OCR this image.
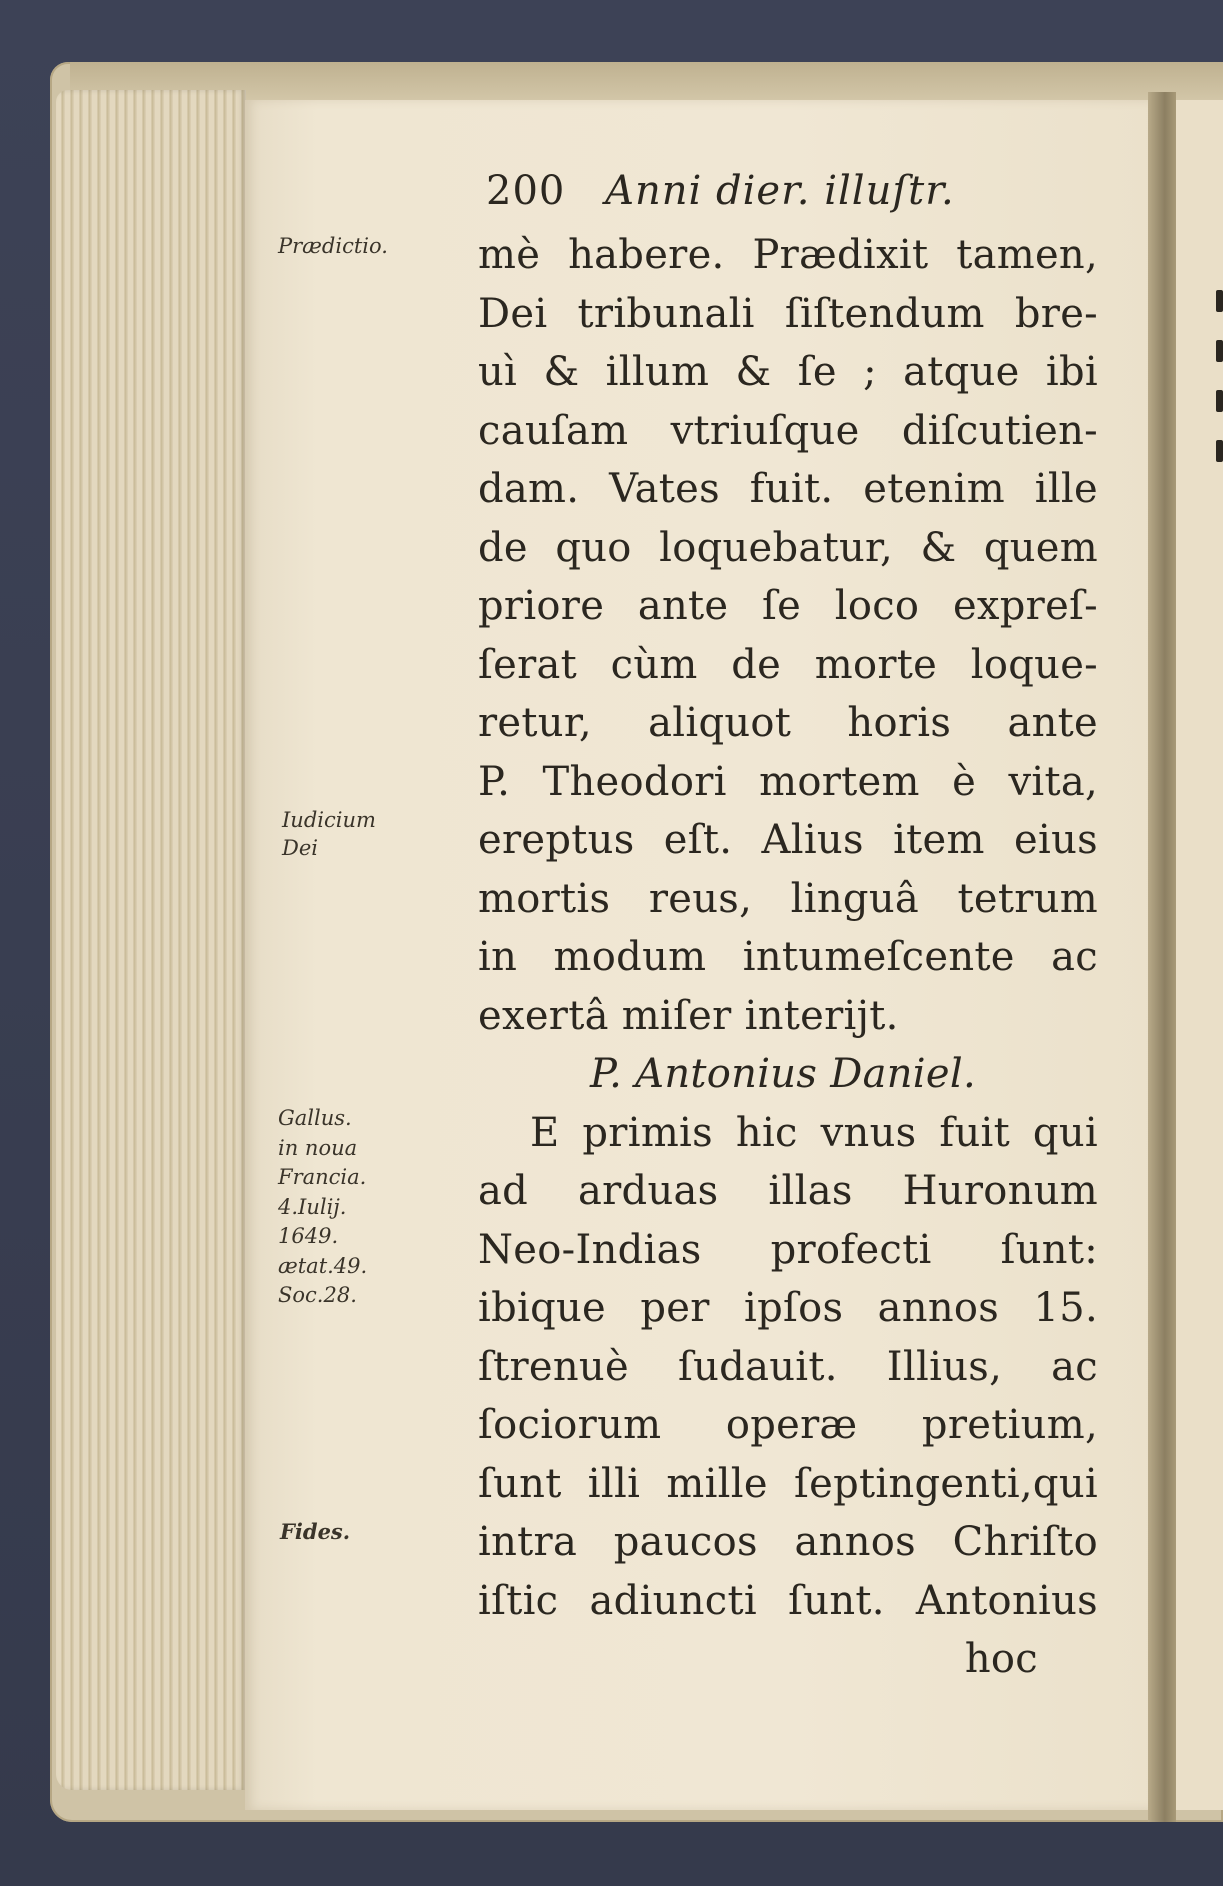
200 Anni dier. illuſtr.
Prædictio.
Iudicium
Dei
Gallus.
in noua
Francia.
4.Iulij.
1649.
ætat.49.
Soc.28.
Fides.
mè habere. Prædixit tamen,
Dei tribunali ſiſtendum bre-
uì & illum & ſe ; atque ibi
cauſam vtriuſque diſcutien-
dam. Vates fuit. etenim ille
de quo loquebatur, & quem
priore ante ſe loco expreſ-
ſerat cùm de morte loque-
retur, aliquot horis ante
P. Theodori mortem è vita,
ereptus eſt. Alius item eius
mortis reus, linguâ tetrum
in modum intumeſcente ac
exertâ miſer interijt.
P. Antonius Daniel.
E primis hic vnus fuit qui
ad arduas illas Huronum
Neo-Indias profecti ſunt:
ibique per ipſos annos 15.
ſtrenuè ſudauit. Illius, ac
ſociorum operæ pretium,
ſunt illi mille ſeptingenti,qui
intra paucos annos Chriſto
iſtic adiuncti ſunt. Antonius
hoc
